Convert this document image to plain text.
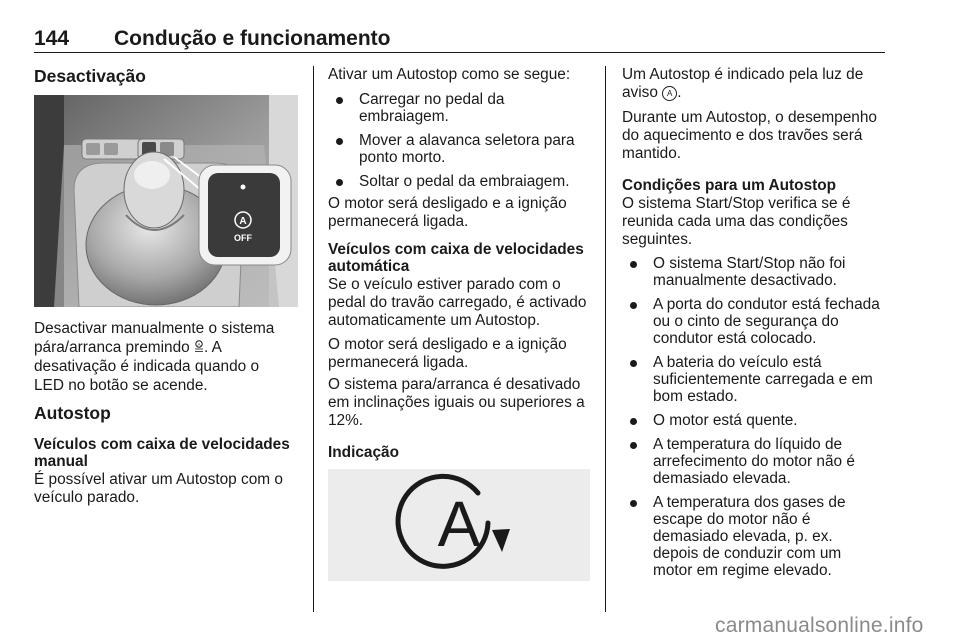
144 Condução e funcionamento
Desactivação
A
OFF

Desactivar manualmente o sistema

pára/arranca premindo A . A

desativação é indicada quando o

LED no botão se acende.

Autostop

Veículos com caixa de velocidades

manual

É possível ativar um Autostop com o

veículo parado.

Ativar um Autostop como se segue:

Carregar no pedal da
embraiagem.
Mover a alavanca seletora para
ponto morto.
Soltar o pedal da embraiagem.

O motor será desligado e a ignição

permanecerá ligada.

Veículos com caixa de velocidades

automática

Se o veículo estiver parado com o

pedal do travão carregado, é activado

automaticamente um Autostop.

O motor será desligado e a ignição

permanecerá ligada.

O sistema para/arranca é desativado

em inclinações iguais ou superiores a

12%.

Indicação

A

Um Autostop é indicado pela luz de

aviso A .

Durante um Autostop, o desempenho

do aquecimento e dos travões será

mantido.

Condições para um Autostop

O sistema Start/Stop verifica se é

reunida cada uma das condições

seguintes.

O sistema Start/Stop não foi
manualmente desactivado.
A porta do condutor está fechada
ou o cinto de segurança do
condutor está colocado.
A bateria do veículo está
suficientemente carregada e em
bom estado.
O motor está quente.
A temperatura do líquido de
arrefecimento do motor não é
demasiado elevada.
A temperatura dos gases de
escape do motor não é
demasiado elevada, p. ex.
depois de conduzir com um
motor em regime elevado.
carmanualsonline.info
